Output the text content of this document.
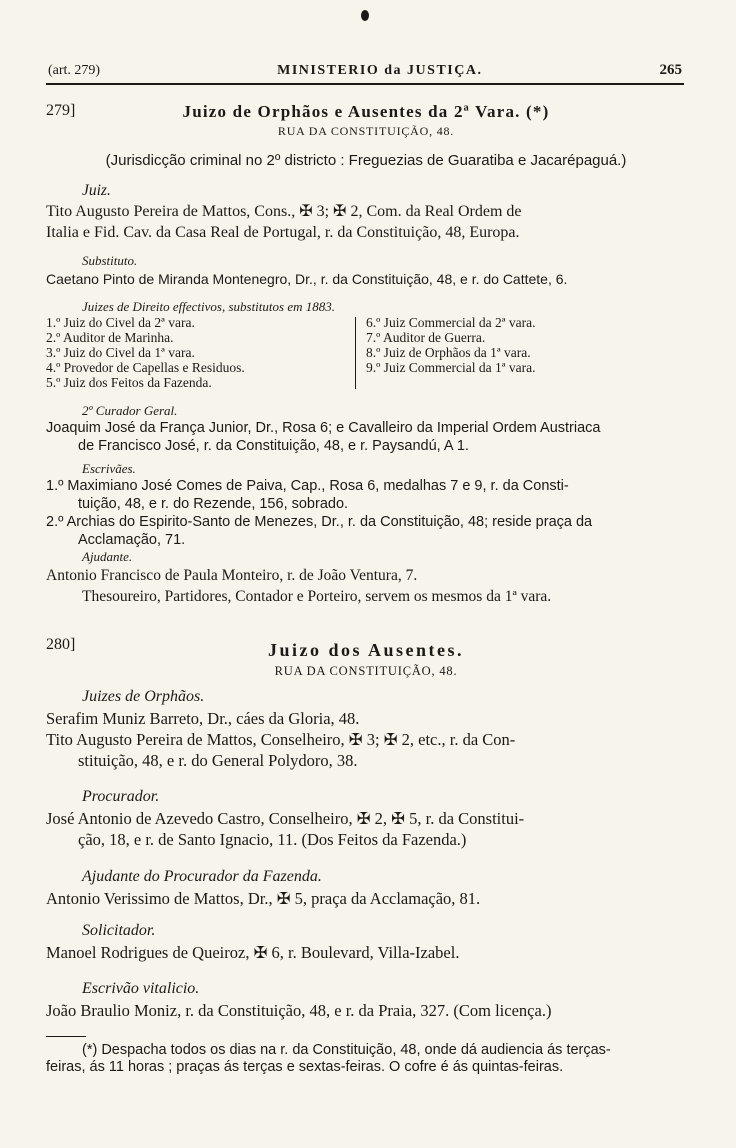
(art. 279)	MINISTERIO da JUSTIÇA.	265
279]	Juizo de Orphãos e Ausentes da 2ª Vara. (*)
RUA DA CONSTITUIÇÃO, 48.
(Jurisdicção criminal no 2º districto : Freguezias de Guaratiba e Jacarépaguá.)
Juiz.
Tito Augusto Pereira de Mattos, Cons., ✠ 3; ✠ 2, Com. da Real Ordem de
Italia e Fid. Cav. da Casa Real de Portugal, r. da Constituição, 48, Europa.
Substituto.
Caetano Pinto de Miranda Montenegro, Dr., r. da Constituição, 48, e r. do Cattete, 6.
Juizes de Direito effectivos, substitutos em 1883.
1.º Juiz do Civel da 2ª vara.
2.º Auditor de Marinha.
3.º Juiz do Civel da 1ª vara.
4.º Provedor de Capellas e Residuos.
5.º Juiz dos Feitos da Fazenda.
6.º Juiz Commercial da 2ª vara.
7.º Auditor de Guerra.
8.º Juiz de Orphãos da 1ª vara.
9.º Juiz Commercial da 1ª vara.
2º Curador Geral.
Joaquim José da França Junior, Dr., Rosa 6; e Cavalleiro da Imperial Ordem Austriaca
de Francisco José, r. da Constituição, 48, e r. Paysandú, A 1.
Escrivães.
1.º Maximiano José Comes de Paiva, Cap., Rosa 6, medalhas 7 e 9, r. da Consti-
tuição, 48, e r. do Rezende, 156, sobrado.
2.º Archias do Espirito-Santo de Menezes, Dr., r. da Constituição, 48; reside praça da
Acclamação, 71.
Ajudante.
Antonio Francisco de Paula Monteiro, r. de João Ventura, 7.
Thesoureiro, Partidores, Contador e Porteiro, servem os mesmos da 1ª vara.
280]	Juizo dos Ausentes.
RUA DA CONSTITUIÇÃO, 48.
Juizes de Orphãos.
Serafim Muniz Barreto, Dr., cáes da Gloria, 48.
Tito Augusto Pereira de Mattos, Conselheiro, ✠ 3; ✠ 2, etc., r. da Con-
stituição, 48, e r. do General Polydoro, 38.
Procurador.
José Antonio de Azevedo Castro, Conselheiro, ✠ 2, ✠ 5, r. da Constitui-
ção, 18, e r. de Santo Ignacio, 11. (Dos Feitos da Fazenda.)
Ajudante do Procurador da Fazenda.
Antonio Verissimo de Mattos, Dr., ✠ 5, praça da Acclamação, 81.
Solicitador.
Manoel Rodrigues de Queiroz, ✠ 6, r. Boulevard, Villa-Izabel.
Escrivão vitalicio.
João Braulio Moniz, r. da Constituição, 48, e r. da Praia, 327. (Com licença.)
(*) Despacha todos os dias na r. da Constituição, 48, onde dá audiencia ás terças-
feiras, ás 11 horas ; praças ás terças e sextas-feiras. O cofre é ás quintas-feiras.
